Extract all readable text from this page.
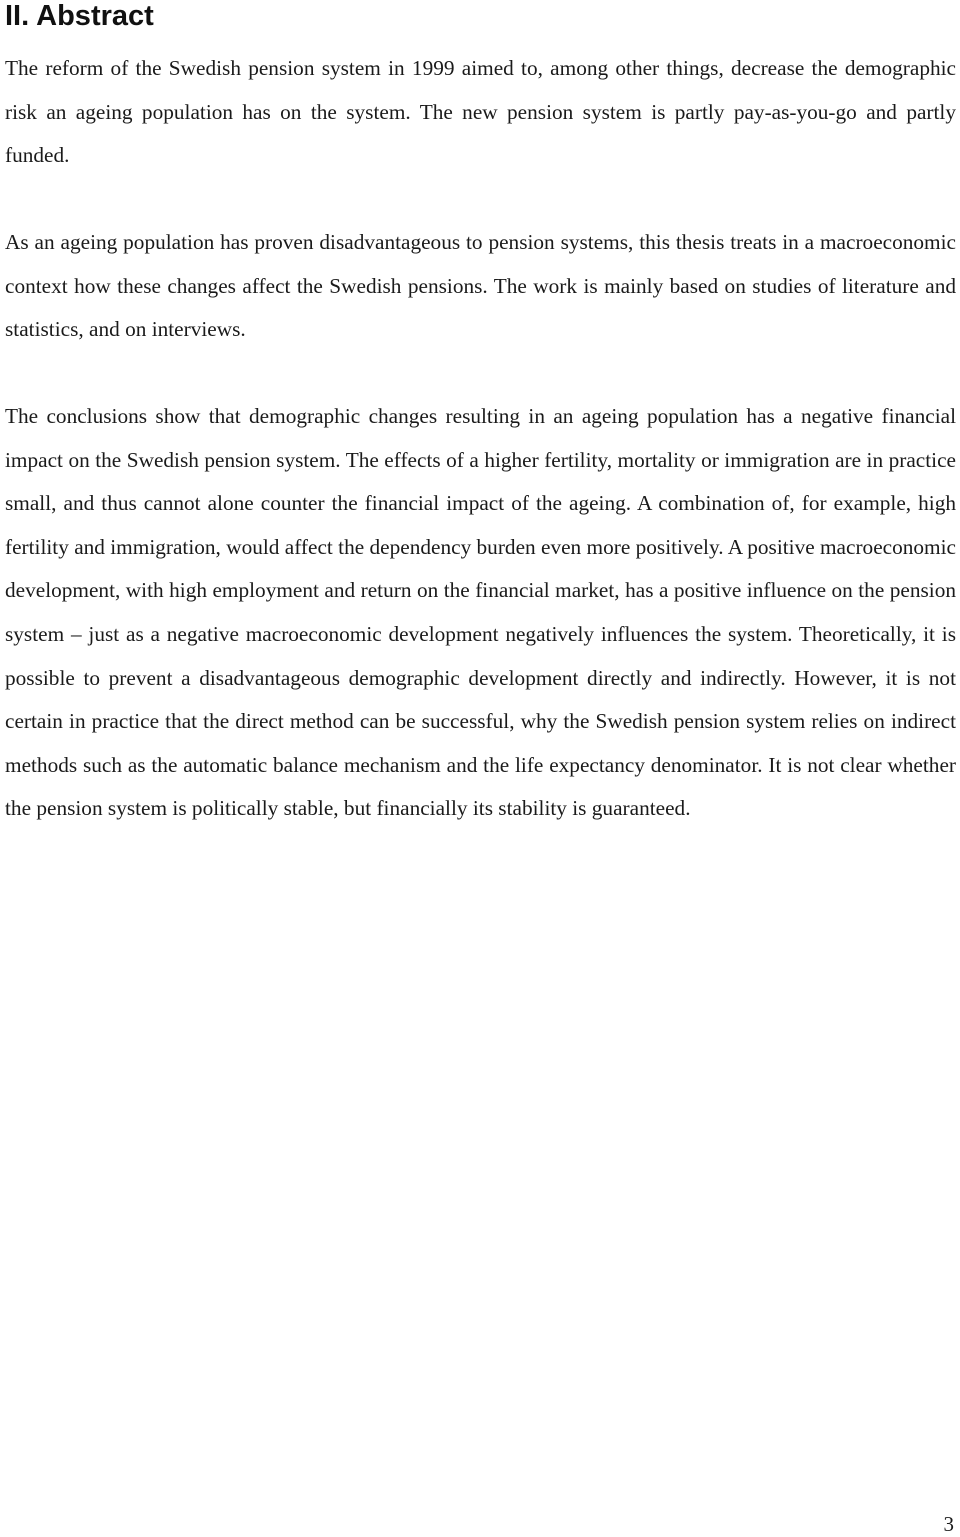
II. Abstract

The reform of the Swedish pension system in 1999 aimed to, among other things, decrease the demographic risk an ageing population has on the system. The new pension system is partly pay-as-you-go and partly funded.

As an ageing population has proven disadvantageous to pension systems, this thesis treats in a macroeconomic context how these changes affect the Swedish pensions. The work is mainly based on studies of literature and statistics, and on interviews.

The conclusions show that demographic changes resulting in an ageing population has a negative financial impact on the Swedish pension system. The effects of a higher fertility, mortality or immigration are in practice small, and thus cannot alone counter the financial impact of the ageing. A combination of, for example, high fertility and immigration, would affect the dependency burden even more positively. A positive macroeconomic development, with high employment and return on the financial market, has a positive influence on the pension system – just as a negative macroeconomic development negatively influences the system. Theoretically, it is possible to prevent a disadvantageous demographic development directly and indirectly. However, it is not certain in practice that the direct method can be successful, why the Swedish pension system relies on indirect methods such as the automatic balance mechanism and the life expectancy denominator. It is not clear whether the pension system is politically stable, but financially its stability is guaranteed.

3
